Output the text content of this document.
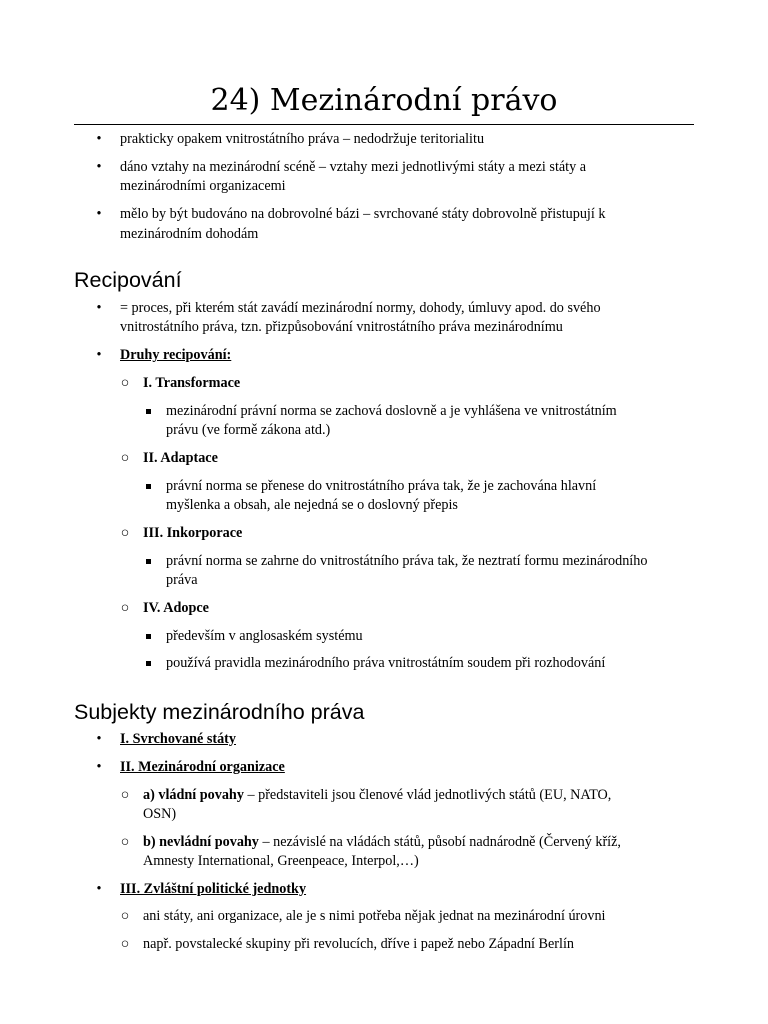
24) Mezinárodní právo
•	prakticky opakem vnitrostátního práva – nedodržuje teritorialitu
•	dáno vztahy na mezinárodní scéně – vztahy mezi jednotlivými státy a mezi státy a
mezinárodními organizacemi
•	mělo by být budováno na dobrovolné bázi – svrchované státy dobrovolně přistupují k
mezinárodním dohodám
Recipování
•	= proces, při kterém stát zavádí mezinárodní normy, dohody, úmluvy apod. do svého
vnitrostátního práva, tzn. přizpůsobování vnitrostátního práva mezinárodnímu
•	Druhy recipování:
○ I. Transformace
mezinárodní právní norma se zachová doslovně a je vyhlášena ve vnitrostátním
právu (ve formě zákona atd.)
○ II. Adaptace
právní norma se přenese do vnitrostátního práva tak, že je zachována hlavní
myšlenka a obsah, ale nejedná se o doslovný přepis
○ III. Inkorporace
právní norma se zahrne do vnitrostátního práva tak, že neztratí formu mezinárodního
práva
○ IV. Adopce
především v anglosaském systému
používá pravidla mezinárodního práva vnitrostátním soudem při rozhodování
Subjekty mezinárodního práva
•	I. Svrchované státy
•	II. Mezinárodní organizace
○ a) vládní povahy – představiteli jsou členové vlád jednotlivých států (EU, NATO,
OSN)
○ b) nevládní povahy – nezávislé na vládách států, působí nadnárodně (Červený kříž,
Amnesty International, Greenpeace, Interpol,…)
•	III. Zvláštní politické jednotky
○ ani státy, ani organizace, ale je s nimi potřeba nějak jednat na mezinárodní úrovni
○ např. povstalecké skupiny při revolucích, dříve i papež nebo Západní Berlín
